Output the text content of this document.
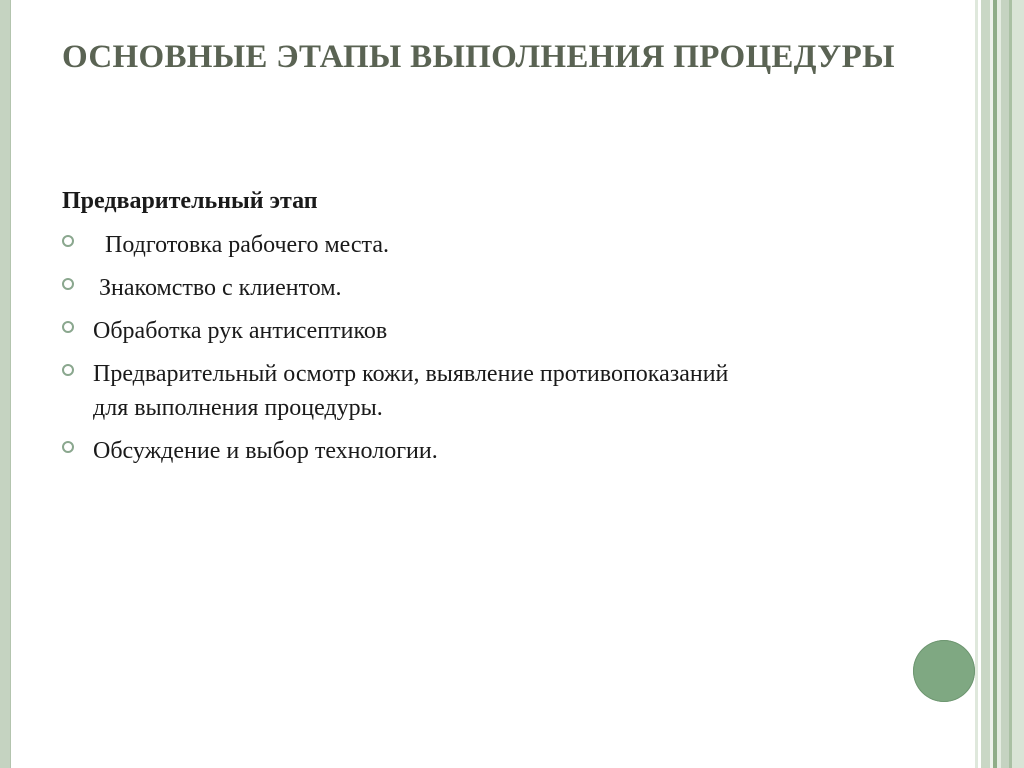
ОСНОВНЫЕ ЭТАПЫ ВЫПОЛНЕНИЯ ПРОЦЕДУРЫ
Предварительный этап
Подготовка рабочего места.
Знакомство с клиентом.
Обработка рук антисептиков
Предварительный осмотр кожи, выявление противопоказаний для выполнения процедуры.
Обсуждение и выбор технологии.
